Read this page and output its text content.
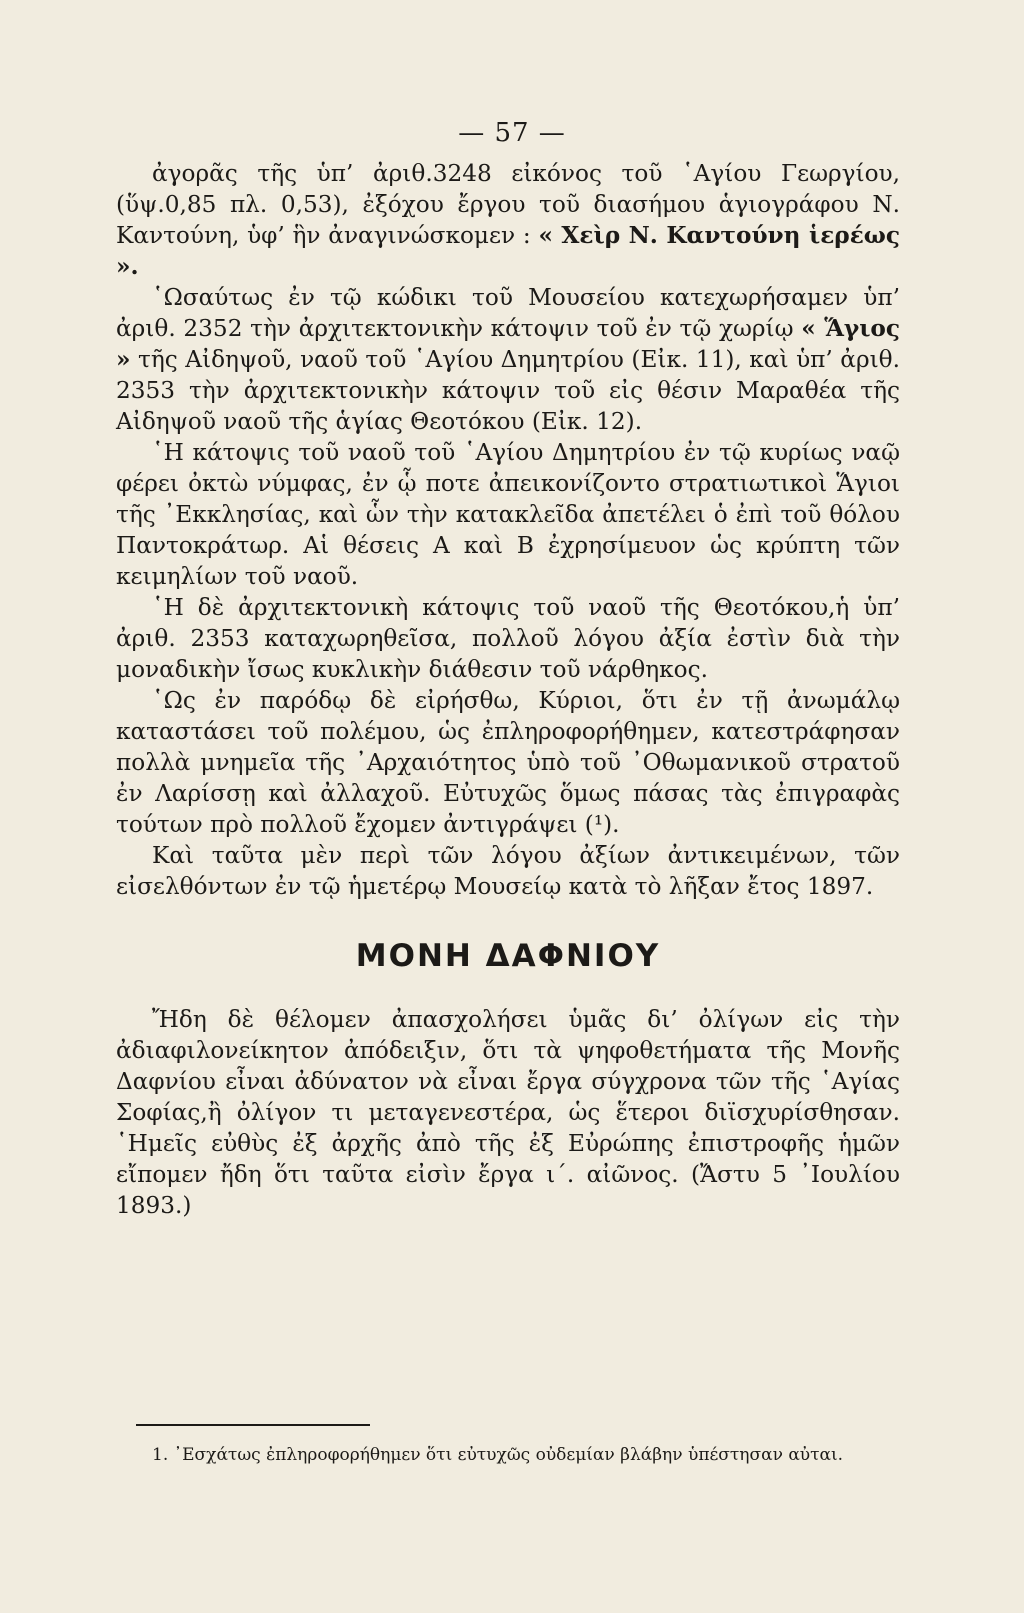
— 57 —

ἀγορᾶς τῆς ὑπ’ ἀριθ.3248 εἰκόνος τοῦ ῾Αγίου Γεωργίου, (ὕψ.0,85 πλ. 0,53), ἐξόχου ἔργου τοῦ διασήμου ἁγιογράφου Ν. Καντούνη, ὑφ’ ἣν ἀναγινώσκομεν : « Χεὶρ Ν. Καντούνη ἱερέως ».

῾Ωσαύτως ἐν τῷ κώδικι τοῦ Μουσείου κατεχωρήσαμεν ὑπ’ ἀριθ. 2352 τὴν ἀρχιτεκτονικὴν κάτοψιν τοῦ ἐν τῷ χωρίῳ « Ἅγιος » τῆς Αἰδηψοῦ, ναοῦ τοῦ ῾Αγίου Δημητρίου (Εἰκ. 11), καὶ ὑπ’ ἀριθ. 2353 τὴν ἀρχιτεκτονικὴν κάτοψιν τοῦ εἰς θέσιν Μαραθέα τῆς Αἰδηψοῦ ναοῦ τῆς ἁγίας Θεοτόκου (Εἰκ. 12).

῾Η κάτοψις τοῦ ναοῦ τοῦ ῾Αγίου Δημητρίου ἐν τῷ κυρίως ναῷ φέρει ὀκτὼ νύμφας, ἐν ᾧ ποτε ἀπεικονίζοντο στρατιωτικοὶ Ἅγιοι τῆς ᾿Εκκλησίας, καὶ ὧν τὴν κατακλεῖδα ἀπετέλει ὁ ἐπὶ τοῦ θόλου Παντοκράτωρ. Αἱ θέσεις A καὶ B ἐχρησίμευον ὡς κρύπτη τῶν κειμηλίων τοῦ ναοῦ.

῾Η δὲ ἀρχιτεκτονικὴ κάτοψις τοῦ ναοῦ τῆς Θεοτόκου,ἡ ὑπ’ ἀριθ. 2353 καταχωρηθεῖσα, πολλοῦ λόγου ἀξία ἐστὶν διὰ τὴν μοναδικὴν ἴσως κυκλικὴν διάθεσιν τοῦ νάρθηκος.

῾Ως ἐν παρόδῳ δὲ εἰρήσθω, Κύριοι, ὅτι ἐν τῇ ἀνωμάλῳ καταστάσει τοῦ πολέμου, ὡς ἐπληροφορήθημεν, κατεστράφησαν πολλὰ μνημεῖα τῆς ᾿Αρχαιότητος ὑπὸ τοῦ ᾿Οθωμανικοῦ στρατοῦ ἐν Λαρίσσῃ καὶ ἀλλαχοῦ. Εὐτυχῶς ὅμως πάσας τὰς ἐπιγραφὰς τούτων πρὸ πολλοῦ ἔχομεν ἀντιγράψει (¹).

Καὶ ταῦτα μὲν περὶ τῶν λόγου ἀξίων ἀντικειμένων, τῶν εἰσελθόντων ἐν τῷ ἡμετέρῳ Μουσείῳ κατὰ τὸ λῆξαν ἔτος 1897.

ΜΟΝΗ ΔΑΦΝΙΟΥ

Ἤδη δὲ θέλομεν ἀπασχολήσει ὑμᾶς δι’ ὀλίγων εἰς τὴν ἀδιαφιλονείκητον ἀπόδειξιν, ὅτι τὰ ψηφοθετήματα τῆς Μονῆς Δαφνίου εἶναι ἀδύνατον νὰ εἶναι ἔργα σύγχρονα τῶν τῆς ῾Αγίας Σοφίας,ἢ ὀλίγον τι μεταγενεστέρα, ὡς ἕτεροι διϊσχυρίσθησαν. ῾Ημεῖς εὐθὺς ἐξ ἀρχῆς ἀπὸ τῆς ἐξ Εὐρώπης ἐπιστροφῆς ἡμῶν εἴπομεν ἤδη ὅτι ταῦτα εἰσὶν ἔργα ι΄. αἰῶνος. (Ἄστυ 5 ᾿Ιουλίου 1893.)

1. ᾿Εσχάτως ἐπληροφορήθημεν ὅτι εὐτυχῶς οὐδεμίαν βλάβην ὑπέστησαν αὐται.
